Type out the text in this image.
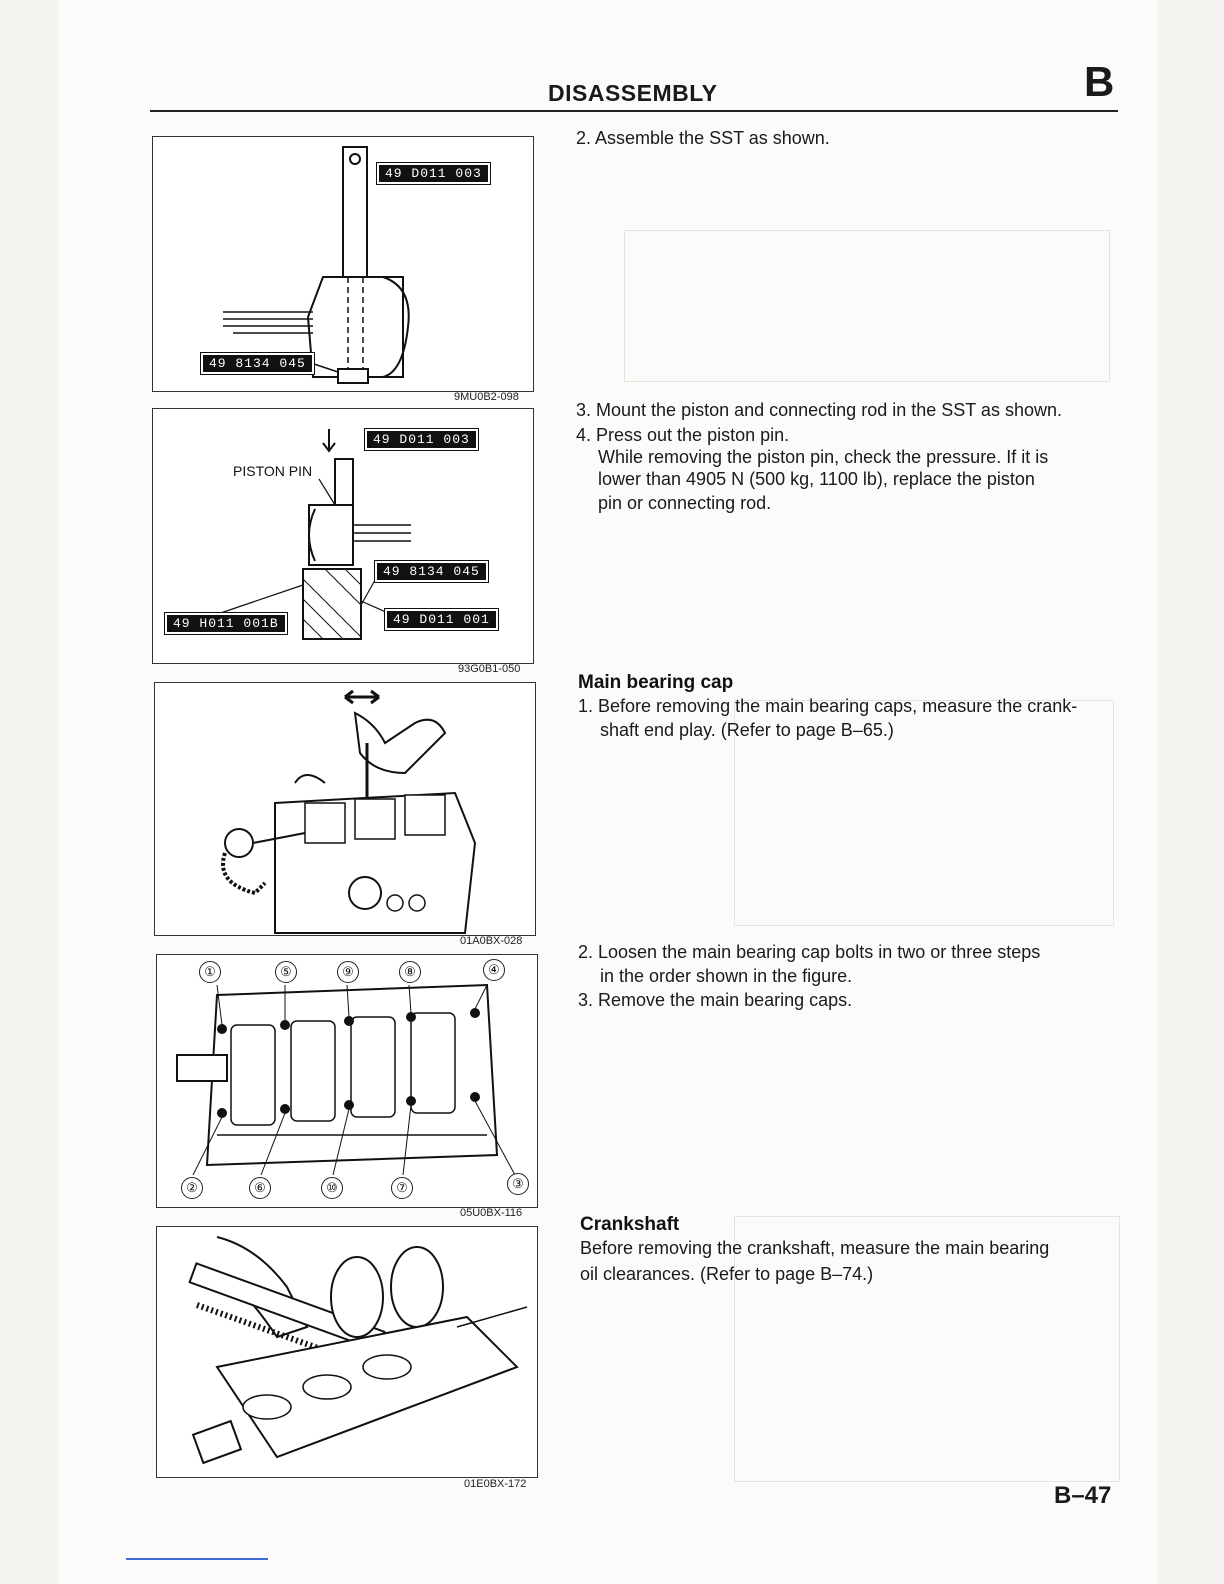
DISASSEMBLY	B
49 D011 003
49 8134 045
9MU0B2-098
PISTON PIN
49 D011 003
49 8134 045
49 H011 001B	49 D011 001
93G0B1-050
01A0BX-028
①	⑤	⑨	⑧	④
②	⑥	⑩	⑦	③
05U0BX-116
01E0BX-172
2. Assemble the SST as shown.
3. Mount the piston and connecting rod in the SST as shown.
4. Press out the piston pin.
While removing the piston pin, check the pressure. If it is
lower than 4905 N (500 kg, 1100 lb), replace the piston
pin or connecting rod.
Main bearing cap
1. Before removing the main bearing caps, measure the crank-
shaft end play. (Refer to page B–65.)
2. Loosen the main bearing cap bolts in two or three steps
in the order shown in the figure.
3. Remove the main bearing caps.
Crankshaft
Before removing the crankshaft, measure the main bearing
oil clearances. (Refer to page B–74.)
B–47
